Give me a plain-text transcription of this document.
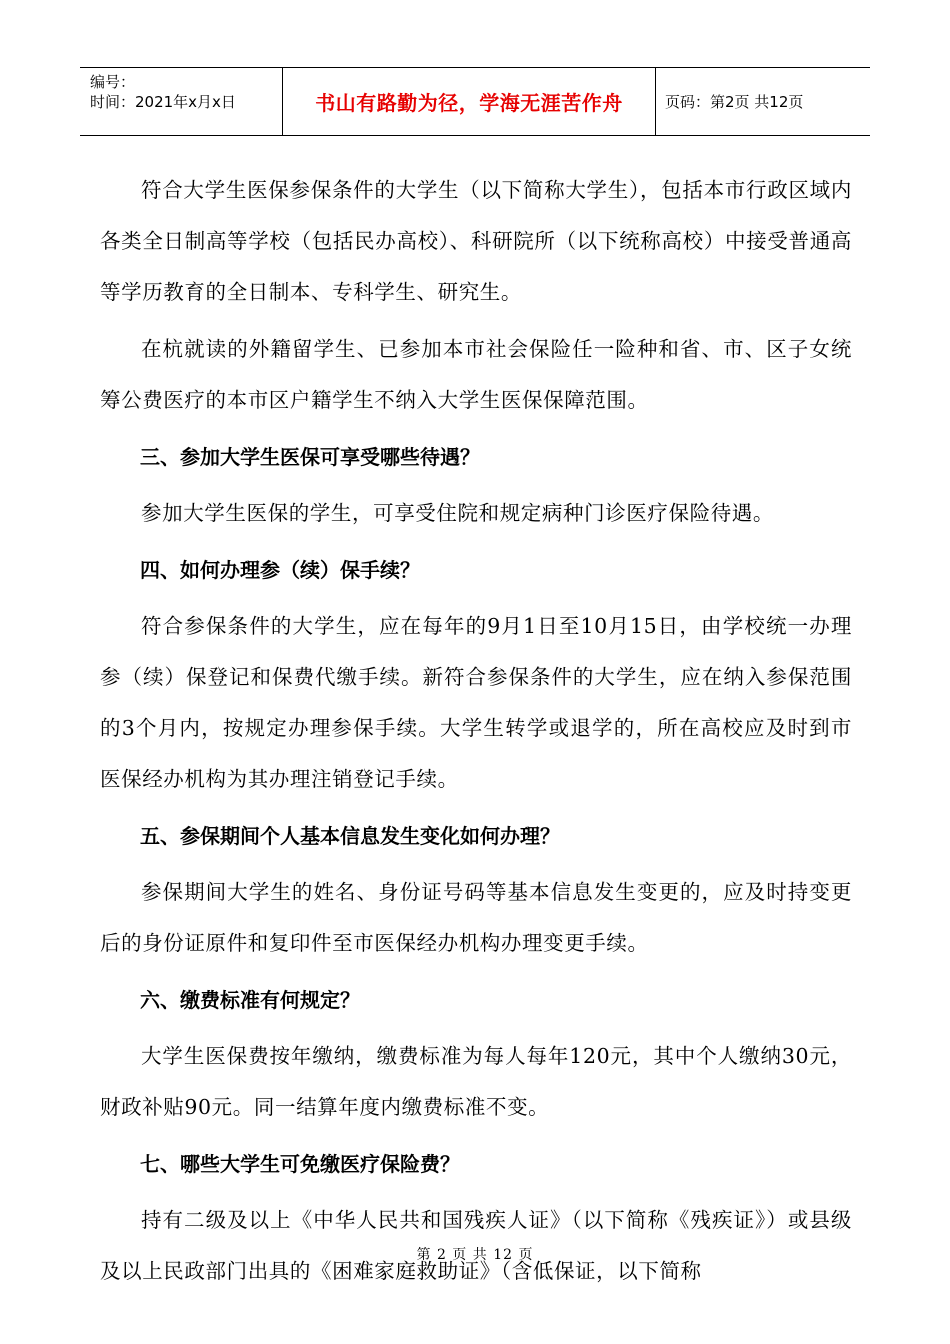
编号：
时间：2021年x月x日	书山有路勤为径，学海无涯苦作舟	页码：第2页 共12页

符合大学生医保参保条件的大学生（以下简称大学生），包括本市行政区域内各类全日制高等学校（包括民办高校）、科研院所（以下统称高校）中接受普通高等学历教育的全日制本、专科学生、研究生。

在杭就读的外籍留学生、已参加本市社会保险任一险种和省、市、区子女统筹公费医疗的本市区户籍学生不纳入大学生医保保障范围。

三、参加大学生医保可享受哪些待遇？

参加大学生医保的学生，可享受住院和规定病种门诊医疗保险待遇。

四、如何办理参（续）保手续？

符合参保条件的大学生，应在每年的9月1日至10月15日，由学校统一办理参（续）保登记和保费代缴手续。新符合参保条件的大学生，应在纳入参保范围的3个月内，按规定办理参保手续。大学生转学或退学的，所在高校应及时到市医保经办机构为其办理注销登记手续。

五、参保期间个人基本信息发生变化如何办理？

参保期间大学生的姓名、身份证号码等基本信息发生变更的，应及时持变更后的身份证原件和复印件至市医保经办机构办理变更手续。

六、缴费标准有何规定？

大学生医保费按年缴纳，缴费标准为每人每年120元，其中个人缴纳30元，财政补贴90元。同一结算年度内缴费标准不变。

七、哪些大学生可免缴医疗保险费？

持有二级及以上《中华人民共和国残疾人证》（以下简称《残疾证》）或县级及以上民政部门出具的《困难家庭救助证》（含低保证，以下简称

第 2 页 共 12 页
